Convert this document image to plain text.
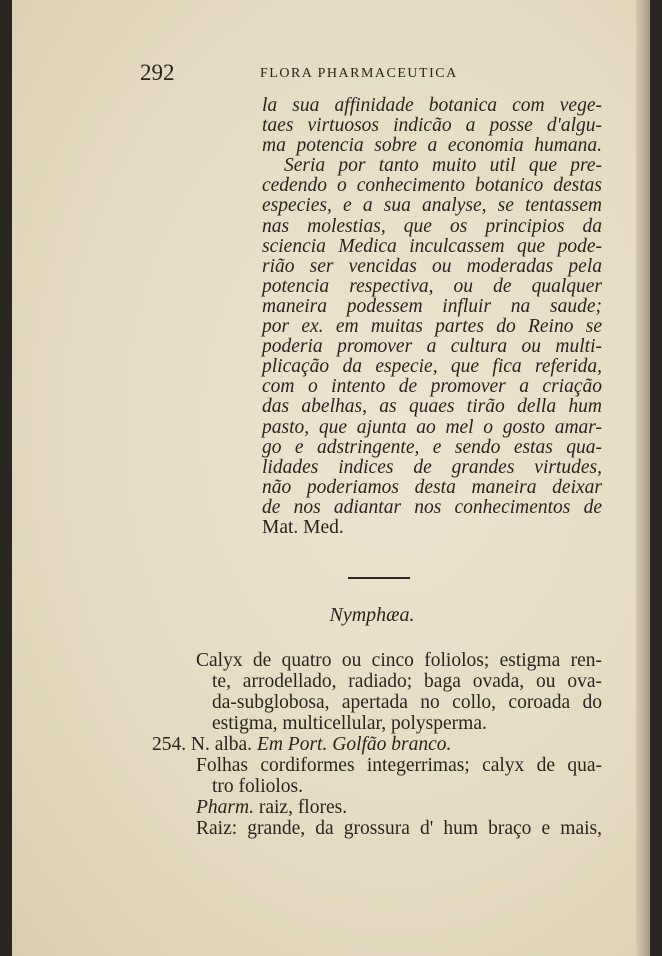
292	FLORA PHARMACEUTICA
la sua affinidade botanica com vege-
taes virtuosos indicão a posse d'algu-
ma potencia sobre a economia humana.
Seria por tanto muito util que pre-
cedendo o conhecimento botanico destas
especies, e a sua analyse, se tentassem
nas molestias, que os principios da
sciencia Medica inculcassem que pode-
rião ser vencidas ou moderadas pela
potencia respectiva, ou de qualquer
maneira podessem influir na saude;
por ex. em muitas partes do Reino se
poderia promover a cultura ou multi-
plicação da especie, que fica referida,
com o intento de promover a criação
das abelhas, as quaes tirão della hum
pasto, que ajunta ao mel o gosto amar-
go e adstringente, e sendo estas qua-
lidades indices de grandes virtudes,
não poderiamos desta maneira deixar
de nos adiantar nos conhecimentos de
Mat. Med.
Nymphæa.
Calyx de quatro ou cinco foliolos; estigma ren-
te, arrodellado, radiado; baga ovada, ou ova-
da-subglobosa, apertada no collo, coroada do
estigma, multicellular, polysperma.
254. N. alba. Em Port. Golfão branco.
Folhas cordiformes integerrimas; calyx de qua-
tro foliolos.
Pharm. raiz, flores.
Raiz: grande, da grossura d' hum braço e mais,
